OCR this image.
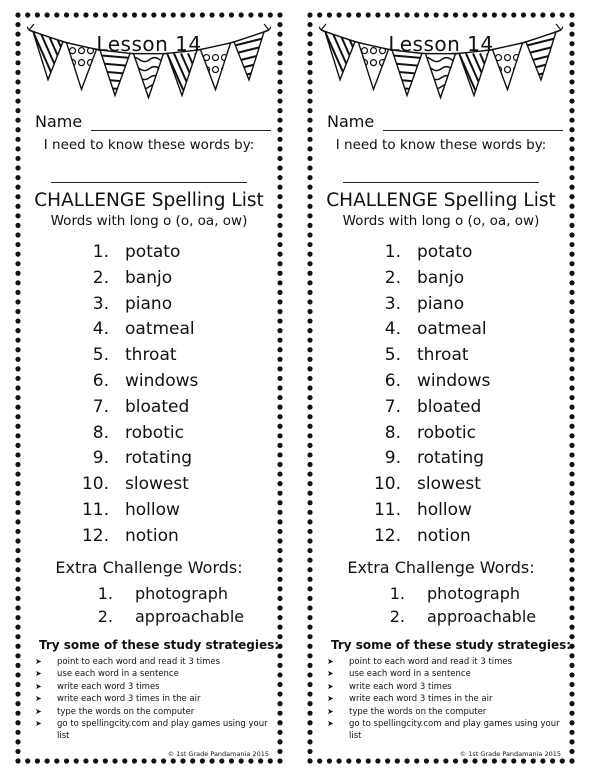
Lesson 14
Name
I need to know these words by:
CHALLENGE Spelling List
Words with long o (o, oa, ow)
1. potato
2. banjo
3. piano
4. oatmeal
5. throat
6. windows
7. bloated
8. robotic
9. rotating
10. slowest
11. hollow
12. notion
Extra Challenge Words:
1. photograph
2. approachable
Try some of these study strategies:
➤ point to each word and read it 3 times
➤ use each word in a sentence
➤ write each word 3 times
➤ write each word 3 times in the air
➤ type the words on the computer
➤ go to spellingcity.com and play games using your list
© 1st Grade Pandamania 2015
Lesson 14
Name
I need to know these words by:
CHALLENGE Spelling List
Words with long o (o, oa, ow)
1. potato
2. banjo
3. piano
4. oatmeal
5. throat
6. windows
7. bloated
8. robotic
9. rotating
10. slowest
11. hollow
12. notion
Extra Challenge Words:
1. photograph
2. approachable
Try some of these study strategies:
➤ point to each word and read it 3 times
➤ use each word in a sentence
➤ write each word 3 times
➤ write each word 3 times in the air
➤ type the words on the computer
➤ go to spellingcity.com and play games using your list
© 1st Grade Pandamania 2015
